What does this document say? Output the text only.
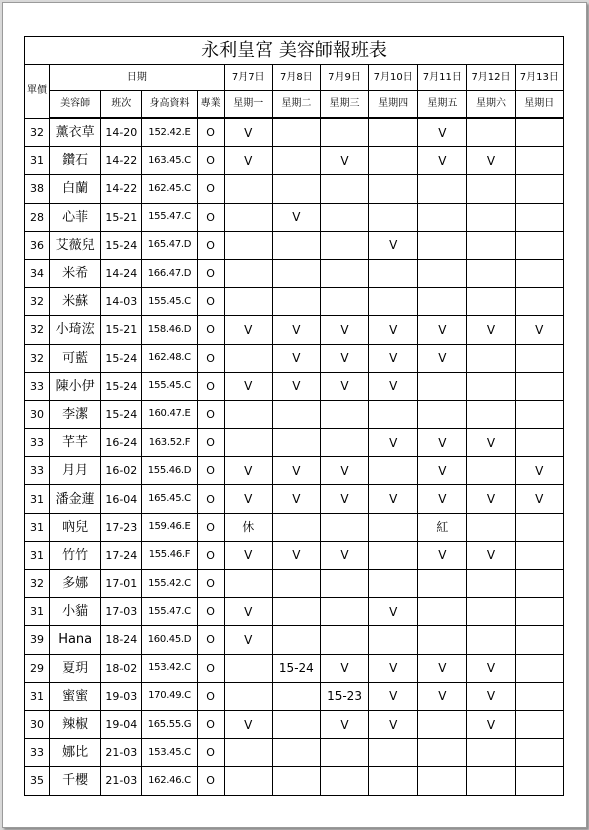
永利皇宮 美容師報班表											
單價	日期				7月7日	7月8日	7月9日	7月10日	7月11日	7月12日	7月13日
	美容師	班次	身高資料	專業	星期一	星期二	星期三	星期四	星期五	星期六	星期日
32	薰衣草	14-20	152.42.E	O	V				V		
31	鑽石	14-22	163.45.C	O	V		V		V	V	
38	白蘭	14-22	162.45.C	O							
28	心菲	15-21	155.47.C	O		V					
36	艾薇兒	15-24	165.47.D	O				V			
34	米希	14-24	166.47.D	O							
32	米蘇	14-03	155.45.C	O							
32	小琦浤	15-21	158.46.D	O	V	V	V	V	V	V	V
32	可藍	15-24	162.48.C	O		V	V	V	V		
33	陳小伊	15-24	155.45.C	O	V	V	V	V			
30	李潔	15-24	160.47.E	O							
33	芊芊	16-24	163.52.F	O				V	V	V	
33	月月	16-02	155.46.D	O	V	V	V		V		V
31	潘金蓮	16-04	165.45.C	O	V	V	V	V	V	V	V
31	吶兒	17-23	159.46.E	O	休				紅		
31	竹竹	17-24	155.46.F	O	V	V	V		V	V	
32	多娜	17-01	155.42.C	O							
31	小貓	17-03	155.47.C	O	V			V			
39	Hana	18-24	160.45.D	O	V						
29	夏玥	18-02	153.42.C	O		15-24	V	V	V	V	
31	蜜蜜	19-03	170.49.C	O			15-23	V	V	V	
30	辣椒	19-04	165.55.G	O	V		V	V		V	
33	娜比	21-03	153.45.C	O							
35	千櫻	21-03	162.46.C	O							
